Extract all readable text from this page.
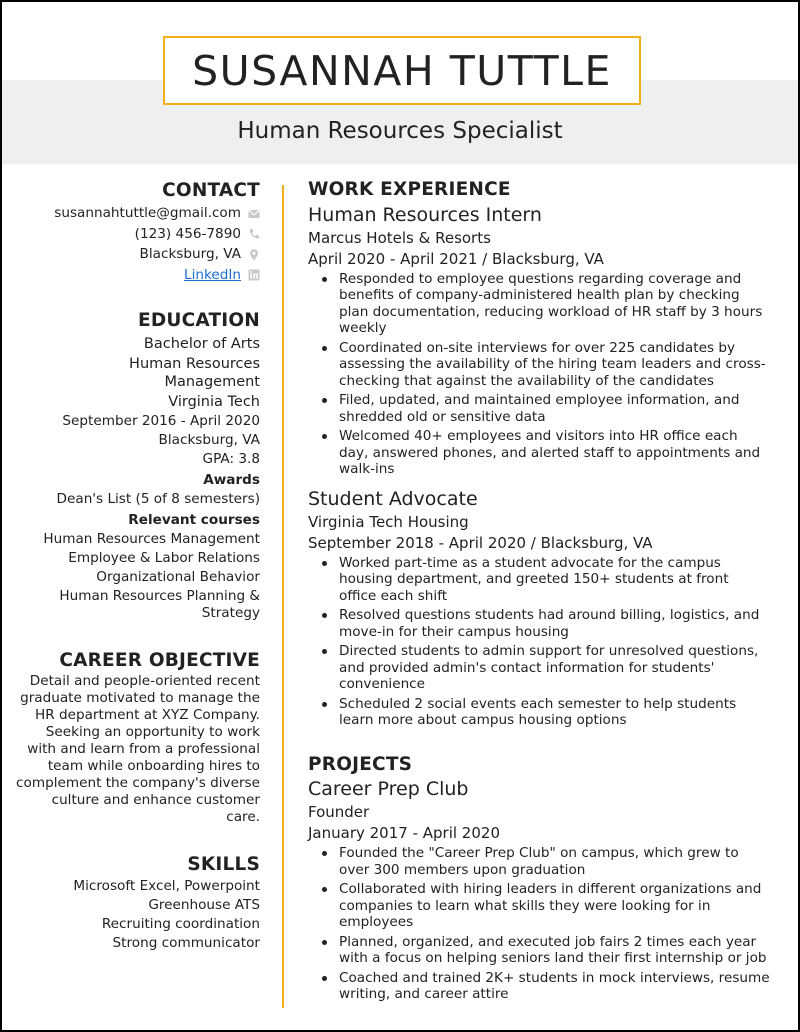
SUSANNAH TUTTLE
Human Resources Specialist
CONTACT
susannahtuttle@gmail.com
(123) 456-7890
Blacksburg, VA
LinkedIn
EDUCATION
Bachelor of Arts
Human Resources
Management
Virginia Tech
September 2016 - April 2020
Blacksburg, VA
GPA: 3.8
Awards
Dean's List (5 of 8 semesters)
Relevant courses
Human Resources Management
Employee & Labor Relations
Organizational Behavior
Human Resources Planning &
Strategy
CAREER OBJECTIVE
Detail and people-oriented recent
graduate motivated to manage the
HR department at XYZ Company.
Seeking an opportunity to work
with and learn from a professional
team while onboarding hires to
complement the company's diverse
culture and enhance customer
care.
SKILLS
Microsoft Excel, Powerpoint
Greenhouse ATS
Recruiting coordination
Strong communicator
WORK EXPERIENCE
Human Resources Intern
Marcus Hotels & Resorts
April 2020 - April 2021 / Blacksburg, VA
Responded to employee questions regarding coverage and benefits of company-administered health plan by checking plan documentation, reducing workload of HR staff by 3 hours weekly
Coordinated on-site interviews for over 225 candidates by assessing the availability of the hiring team leaders and cross-checking that against the availability of the candidates
Filed, updated, and maintained employee information, and shredded old or sensitive data
Welcomed 40+ employees and visitors into HR office each day, answered phones, and alerted staff to appointments and walk-ins
Student Advocate
Virginia Tech Housing
September 2018 - April 2020 / Blacksburg, VA
Worked part-time as a student advocate for the campus housing department, and greeted 150+ students at front office each shift
Resolved questions students had around billing, logistics, and move-in for their campus housing
Directed students to admin support for unresolved questions, and provided admin's contact information for students' convenience
Scheduled 2 social events each semester to help students learn more about campus housing options
PROJECTS
Career Prep Club
Founder
January 2017 - April 2020
Founded the "Career Prep Club" on campus, which grew to over 300 members upon graduation
Collaborated with hiring leaders in different organizations and companies to learn what skills they were looking for in employees
Planned, organized, and executed job fairs 2 times each year with a focus on helping seniors land their first internship or job
Coached and trained 2K+ students in mock interviews, resume writing, and career attire
